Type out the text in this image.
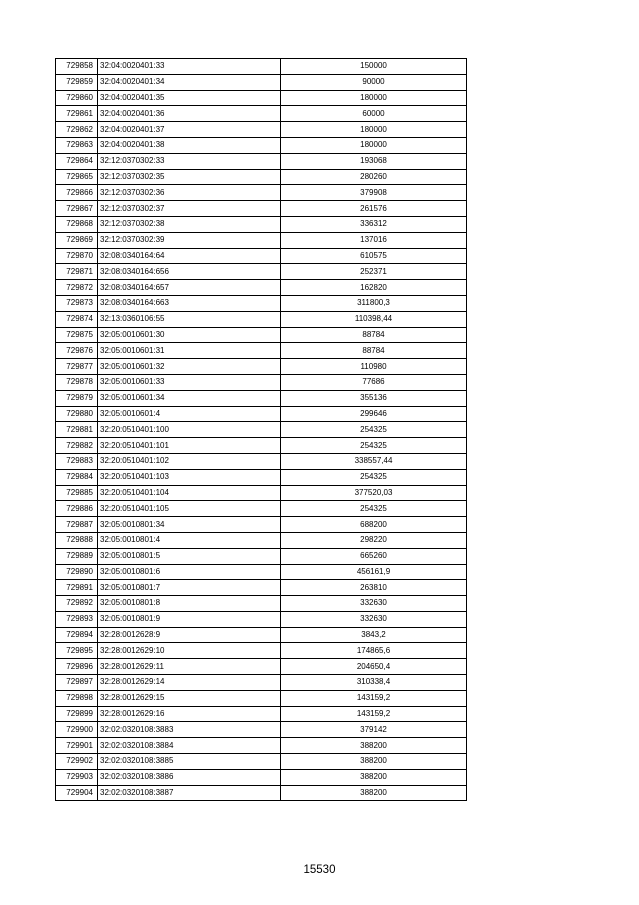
729858	32:04:0020401:33	150000
729859	32:04:0020401:34	90000
729860	32:04:0020401:35	180000
729861	32:04:0020401:36	60000
729862	32:04:0020401:37	180000
729863	32:04:0020401:38	180000
729864	32:12:0370302:33	193068
729865	32:12:0370302:35	280260
729866	32:12:0370302:36	379908
729867	32:12:0370302:37	261576
729868	32:12:0370302:38	336312
729869	32:12:0370302:39	137016
729870	32:08:0340164:64	610575
729871	32:08:0340164:656	252371
729872	32:08:0340164:657	162820
729873	32:08:0340164:663	311800,3
729874	32:13:0360106:55	110398,44
729875	32:05:0010601:30	88784
729876	32:05:0010601:31	88784
729877	32:05:0010601:32	110980
729878	32:05:0010601:33	77686
729879	32:05:0010601:34	355136
729880	32:05:0010601:4	299646
729881	32:20:0510401:100	254325
729882	32:20:0510401:101	254325
729883	32:20:0510401:102	338557,44
729884	32:20:0510401:103	254325
729885	32:20:0510401:104	377520,03
729886	32:20:0510401:105	254325
729887	32:05:0010801:34	688200
729888	32:05:0010801:4	298220
729889	32:05:0010801:5	665260
729890	32:05:0010801:6	456161,9
729891	32:05:0010801:7	263810
729892	32:05:0010801:8	332630
729893	32:05:0010801:9	332630
729894	32:28:0012628:9	3843,2
729895	32:28:0012629:10	174865,6
729896	32:28:0012629:11	204650,4
729897	32:28:0012629:14	310338,4
729898	32:28:0012629:15	143159,2
729899	32:28:0012629:16	143159,2
729900	32:02:0320108:3883	379142
729901	32:02:0320108:3884	388200
729902	32:02:0320108:3885	388200
729903	32:02:0320108:3886	388200
729904	32:02:0320108:3887	388200
15530
